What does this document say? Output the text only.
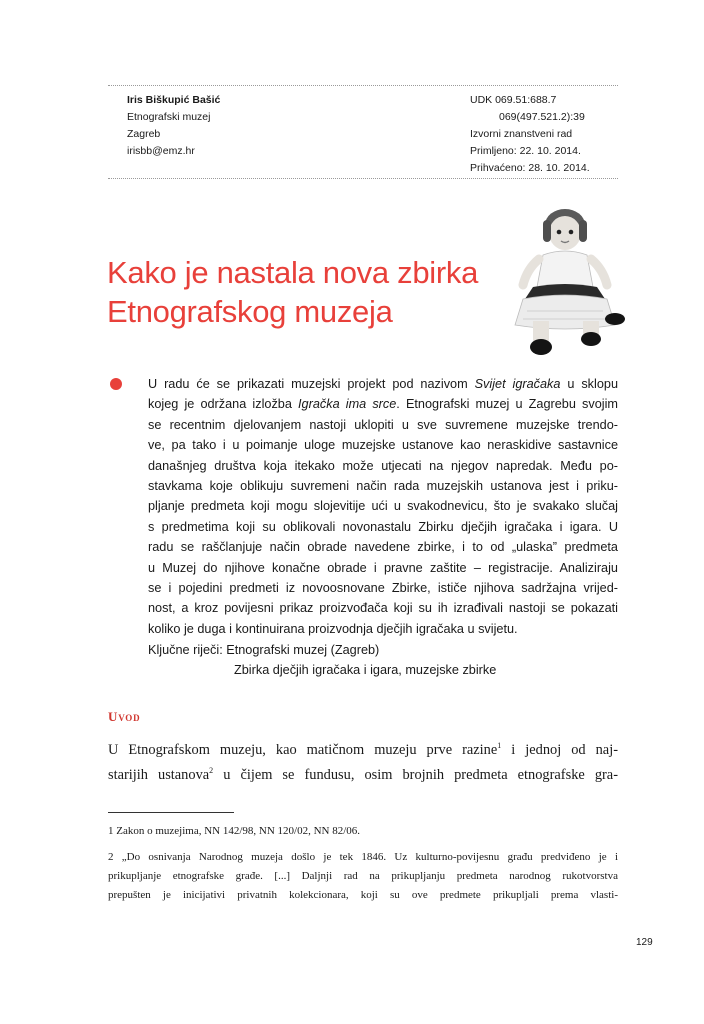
Iris Biškupić Bašić
Etnografski muzej
Zagreb
irisbb@emz.hr
UDK 069.51:688.7
069(497.521.2):39
Izvorni znanstveni rad
Primljeno: 22. 10. 2014.
Prihvaćeno: 28. 10. 2014.
Kako je nastala nova zbirka
Etnografskog muzeja

U radu će se prikazati muzejski projekt pod nazivom Svijet igračaka u sklopu
kojeg je održana izložba Igračka ima srce. Etnografski muzej u Zagrebu svojim
se recentnim djelovanjem nastoji uklopiti u sve suvremene muzejske trendo-
ve, pa tako i u poimanje uloge muzejske ustanove kao neraskidive sastavnice
današnjeg društva koja itekako može utjecati na njegov napredak. Među po-
stavkama koje oblikuju suvremeni način rada muzejskih ustanova jest i priku-
pljanje predmeta koji mogu slojevitije ući u svakodnevicu, što je svakako slučaj
s predmetima koji su oblikovali novonastalu Zbirku dječjih igračaka i igara. U
radu se raščlanjuje način obrade navedene zbirke, i to od „ulaska” predmeta
u Muzej do njihove konačne obrade i pravne zaštite – registracije. Analiziraju
se i pojedini predmeti iz novoosnovane Zbirke, ističe njihova sadržajna vrijed-
nost, a kroz povijesni prikaz proizvođača koji su ih izrađivali nastoji se pokazati
koliko je duga i kontinuirana proizvodnja dječjih igračaka u svijetu.

Ključne riječi: Etnografski muzej (Zagreb)
Zbirka dječjih igračaka i igara, muzejske zbirke
Uvod

U Etnografskom muzeju, kao matičnom muzeju prve razine$^1$ i jednoj od naj-
starijih ustanova$^2$ u čijem se fundusu, osim brojnih predmeta etnografske gra-

1 Zakon o muzejima, NN 142/98, NN 120/02, NN 82/06.
2 „Do osnivanja Narodnog muzeja došlo je tek 1846. Uz kulturno-povijesnu građu predviđeno je i
prikupljanje etnografske građe. [...] Daljnji rad na prikupljanju predmeta narodnog rukotvorstva
prepušten je inicijativi privatnih kolekcionara, koji su ove predmete prikupljali prema vlasti-
129
